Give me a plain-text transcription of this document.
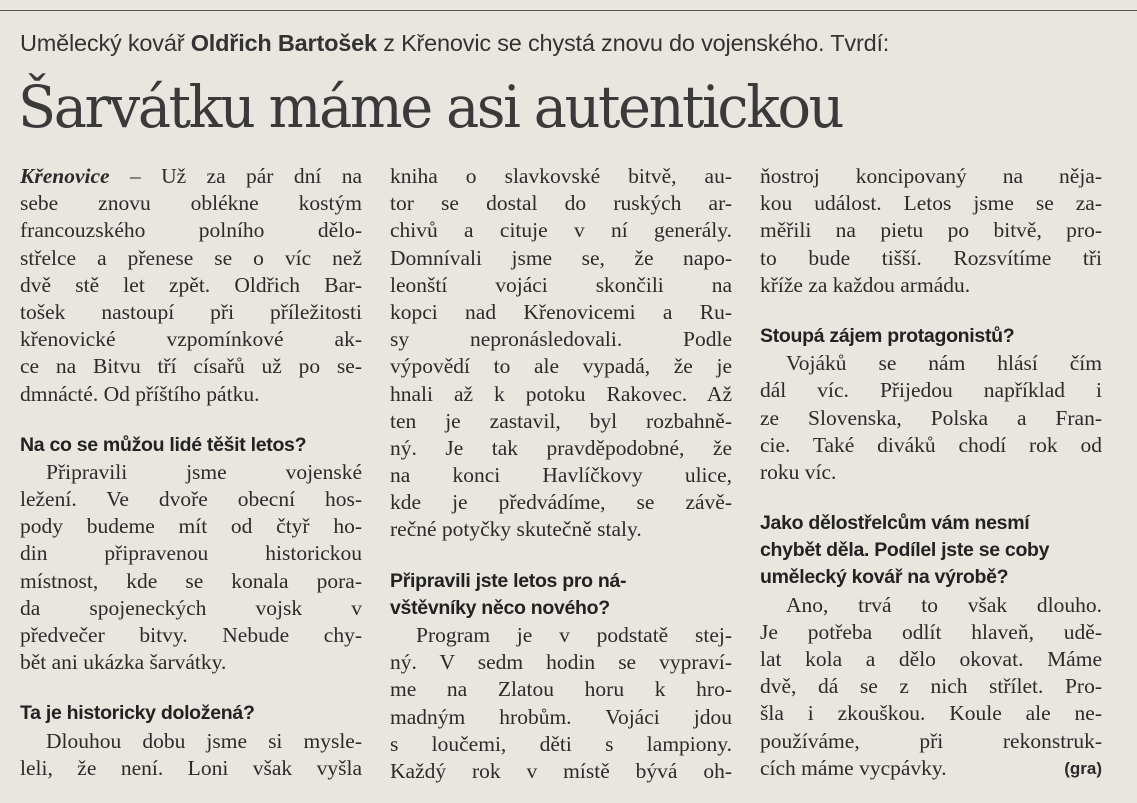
Umělecký kovář Oldřich Bartošek z Křenovic se chystá znovu do vojenského. Tvrdí:
Šarvátku máme asi autentickou
Křenovice – Už za pár dní na
sebe znovu oblékne kostým
francouzského polního dělo-
střelce a přenese se o víc než
dvě stě let zpět. Oldřich Bar-
tošek nastoupí při příležitosti
křenovické vzpomínkové ak-
ce na Bitvu tří císařů už po se-
dmnácté. Od příštího pátku.
Na co se můžou lidé těšit letos?
Připravili jsme vojenské
ležení. Ve dvoře obecní hos-
pody budeme mít od čtyř ho-
din připravenou historickou
místnost, kde se konala pora-
da spojeneckých vojsk v
předvečer bitvy. Nebude chy-
bět ani ukázka šarvátky.
Ta je historicky doložená?
Dlouhou dobu jsme si mysle-
leli, že není. Loni však vyšla
kniha o slavkovské bitvě, au-
tor se dostal do ruských ar-
chivů a cituje v ní generály.
Domnívali jsme se, že napo-
leonští vojáci skončili na
kopci nad Křenovicemi a Ru-
sy nepronásledovali. Podle
výpovědí to ale vypadá, že je
hnali až k potoku Rakovec. Až
ten je zastavil, byl rozbahně-
ný. Je tak pravděpodobné, že
na konci Havlíčkovy ulice,
kde je předvádíme, se závě-
rečné potyčky skutečně staly.
Připravili jste letos pro ná-
vštěvníky něco nového?
Program je v podstatě stej-
ný. V sedm hodin se vypraví-
me na Zlatou horu k hro-
madným hrobům. Vojáci jdou
s loučemi, děti s lampiony.
Každý rok v místě bývá oh-
ňostroj koncipovaný na něja-
kou událost. Letos jsme se za-
měřili na pietu po bitvě, pro-
to bude tišší. Rozsvítíme tři
kříže za každou armádu.
Stoupá zájem protagonistů?
Vojáků se nám hlásí čím
dál víc. Přijedou například i
ze Slovenska, Polska a Fran-
cie. Také diváků chodí rok od
roku víc.
Jako dělostřelcům vám nesmí
chybět děla. Podílel jste se coby
umělecký kovář na výrobě?
Ano, trvá to však dlouho.
Je potřeba odlít hlaveň, udě-
lat kola a dělo okovat. Máme
dvě, dá se z nich střílet. Pro-
šla i zkouškou. Koule ale ne-
používáme, při rekonstruk-
cích máme vycpávky.	(gra)
